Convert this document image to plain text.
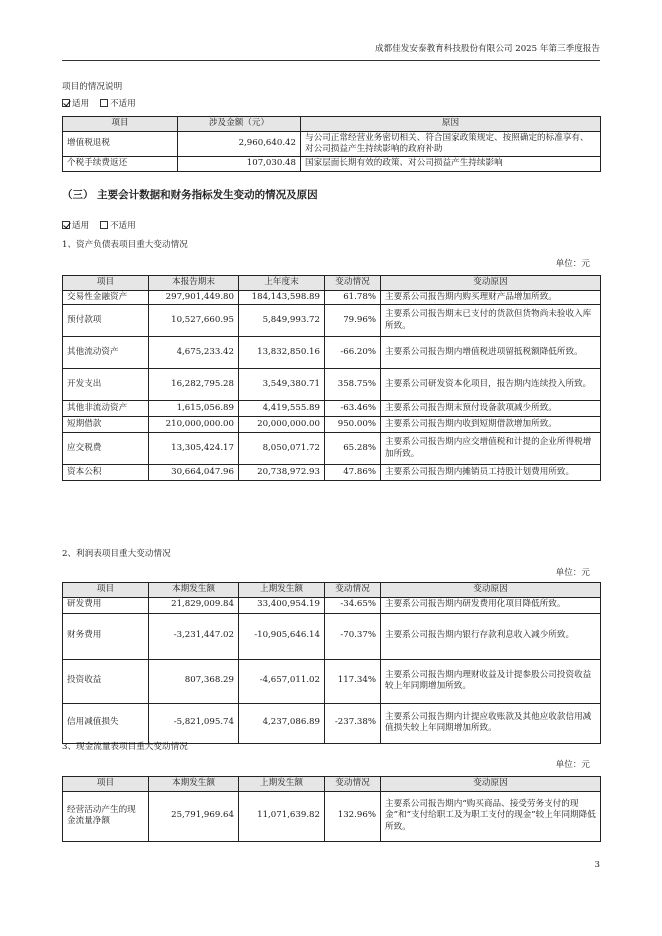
成都佳发安泰教育科技股份有限公司 2025 年第三季度报告
项目的情况说明
适用 不适用
项目	涉及金额（元）	原因
增值税退税	2,960,640.42	与公司正常经营业务密切相关、符合国家政策规定、按照确定的标准享有、对公司损益产生持续影响的政府补助
个税手续费返还	107,030.48	国家层面长期有效的政策、对公司损益产生持续影响
（三） 主要会计数据和财务指标发生变动的情况及原因
适用 不适用
1、资产负债表项目重大变动情况
单位：元
项目	本报告期末	上年度末	变动情况	变动原因
交易性金融资产	297,901,449.80	184,143,598.89	61.78%	主要系公司报告期内购买理财产品增加所致。
预付款项	10,527,660.95	5,849,993.72	79.96%	主要系公司报告期末已支付的货款但货物尚未验收入库所致。
其他流动资产	4,675,233.42	13,832,850.16	-66.20%	主要系公司报告期内增值税进项留抵税额降低所致。
开发支出	16,282,795.28	3,549,380.71	358.75%	主要系公司研发资本化项目，报告期内连续投入所致。
其他非流动资产	1,615,056.89	4,419,555.89	-63.46%	主要系公司报告期末预付设备款项减少所致。
短期借款	210,000,000.00	20,000,000.00	950.00%	主要系公司报告期内收到短期借款增加所致。
应交税费	13,305,424.17	8,050,071.72	65.28%	主要系公司报告期内应交增值税和计提的企业所得税增加所致。
资本公积	30,664,047.96	20,738,972.93	47.86%	主要系公司报告期内摊销员工持股计划费用所致。
2、利润表项目重大变动情况
单位：元
项目	本期发生额	上期发生额	变动情况	变动原因
研发费用	21,829,009.84	33,400,954.19	-34.65%	主要系公司报告期内研发费用化项目降低所致。
财务费用	-3,231,447.02	-10,905,646.14	-70.37%	主要系公司报告期内银行存款利息收入减少所致。
投资收益	807,368.29	-4,657,011.02	117.34%	主要系公司报告期内理财收益及计提参股公司投资收益较上年同期增加所致。
信用减值损失	-5,821,095.74	4,237,086.89	-237.38%	主要系公司报告期内计提应收账款及其他应收款信用减值损失较上年同期增加所致。
3、现金流量表项目重大变动情况
单位：元
项目	本期发生额	上期发生额	变动情况	变动原因
经营活动产生的现金流量净额	25,791,969.64	11,071,639.82	132.96%	主要系公司报告期内“购买商品、接受劳务支付的现金”和“支付给职工及为职工支付的现金”较上年同期降低所致。
3
